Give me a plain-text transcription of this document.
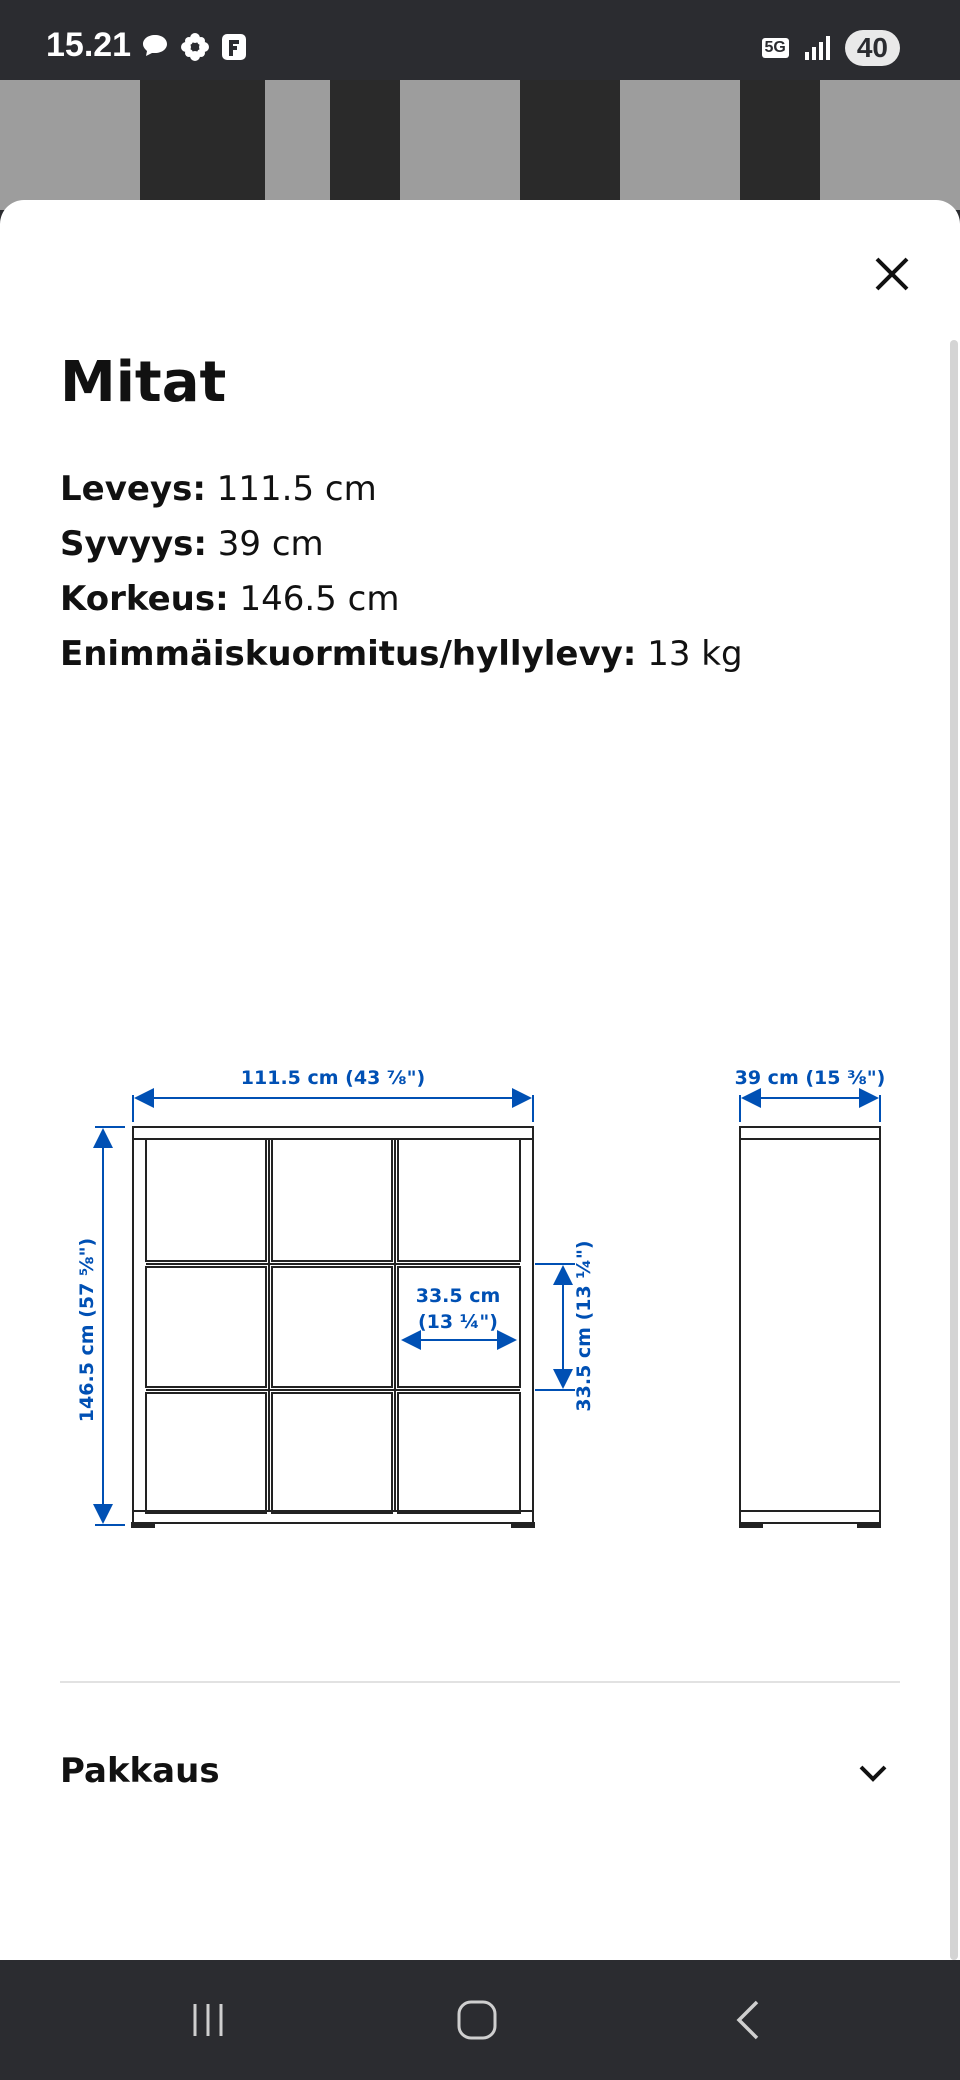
15.21	5G	40
Mitat
Leveys: 111.5 cm
Syvyys: 39 cm
Korkeus: 146.5 cm
Enimmäiskuormitus/hyllylevy: 13 kg
111.5 cm (43 ⅞")	39 cm (15 ⅜")
146.5 cm (57 ⅝")	33.5 cm
(13 ¼")	33.5 cm (13 ¼")
Pakkaus
